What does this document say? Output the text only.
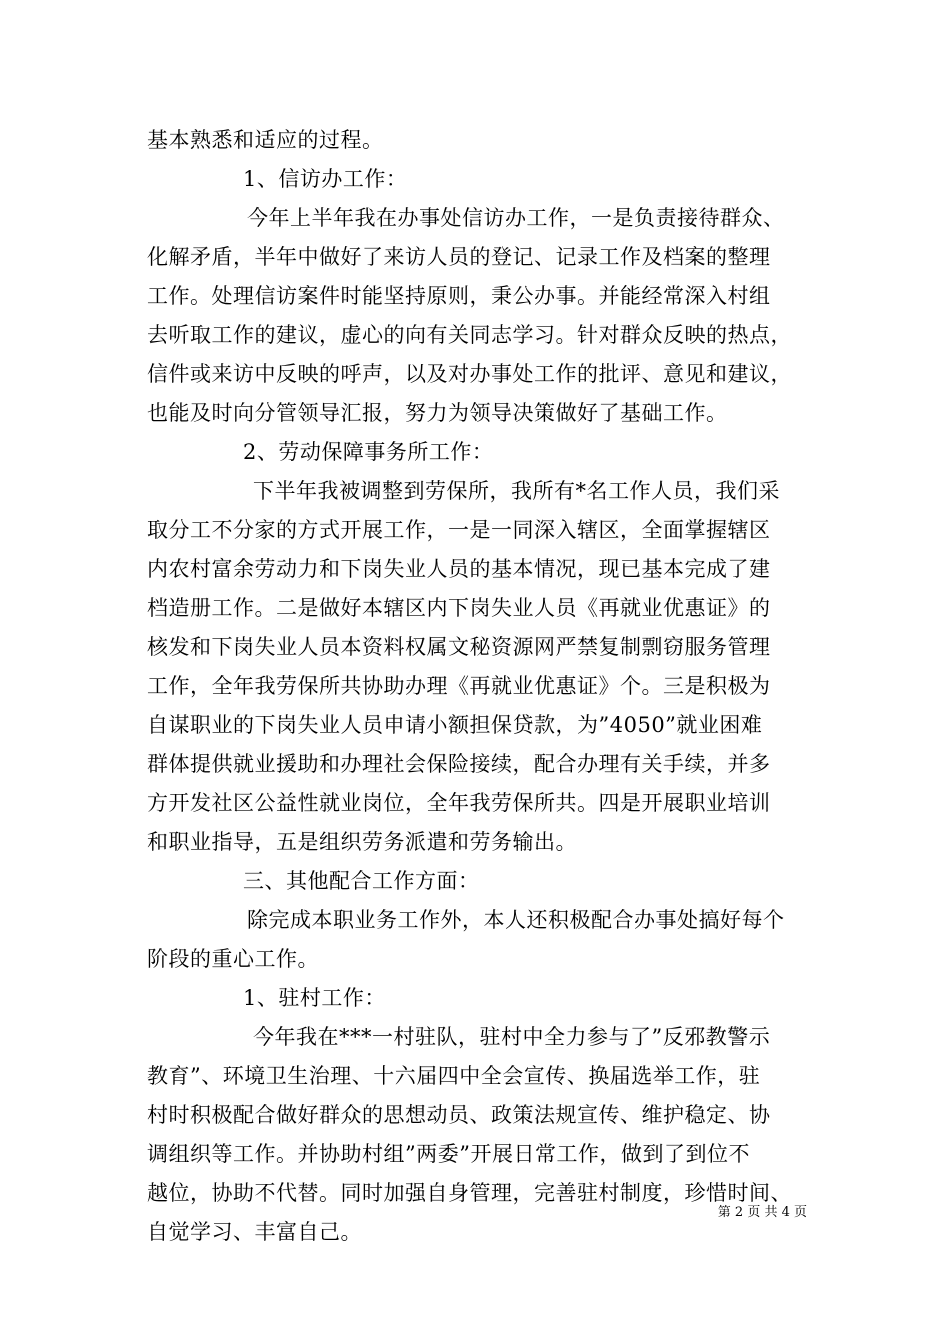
基本熟悉和适应的过程。
1、信访办工作：
今年上半年我在办事处信访办工作，一是负责接待群众、
化解矛盾，半年中做好了来访人员的登记、记录工作及档案的整理
工作。处理信访案件时能坚持原则，秉公办事。并能经常深入村组
去听取工作的建议，虚心的向有关同志学习。针对群众反映的热点，
信件或来访中反映的呼声，以及对办事处工作的批评、意见和建议，
也能及时向分管领导汇报，努力为领导决策做好了基础工作。
2、劳动保障事务所工作：
下半年我被调整到劳保所，我所有*名工作人员，我们采
取分工不分家的方式开展工作，一是一同深入辖区，全面掌握辖区
内农村富余劳动力和下岗失业人员的基本情况，现已基本完成了建
档造册工作。二是做好本辖区内下岗失业人员《再就业优惠证》的
核发和下岗失业人员本资料权属文秘资源网严禁复制剽窃服务管理
工作，全年我劳保所共协助办理《再就业优惠证》个。三是积极为
自谋职业的下岗失业人员申请小额担保贷款，为”4050”就业困难
群体提供就业援助和办理社会保险接续，配合办理有关手续，并多
方开发社区公益性就业岗位，全年我劳保所共。四是开展职业培训
和职业指导，五是组织劳务派遣和劳务输出。
三、其他配合工作方面：
除完成本职业务工作外，本人还积极配合办事处搞好每个
阶段的重心工作。
1、驻村工作：
今年我在***一村驻队，驻村中全力参与了”反邪教警示
教育”、环境卫生治理、十六届四中全会宣传、换届选举工作，驻
村时积极配合做好群众的思想动员、政策法规宣传、维护稳定、协
调组织等工作。并协助村组”两委”开展日常工作，做到了到位不
越位，协助不代替。同时加强自身管理，完善驻村制度，珍惜时间、
自觉学习、丰富自己。
第 2 页 共 4 页
